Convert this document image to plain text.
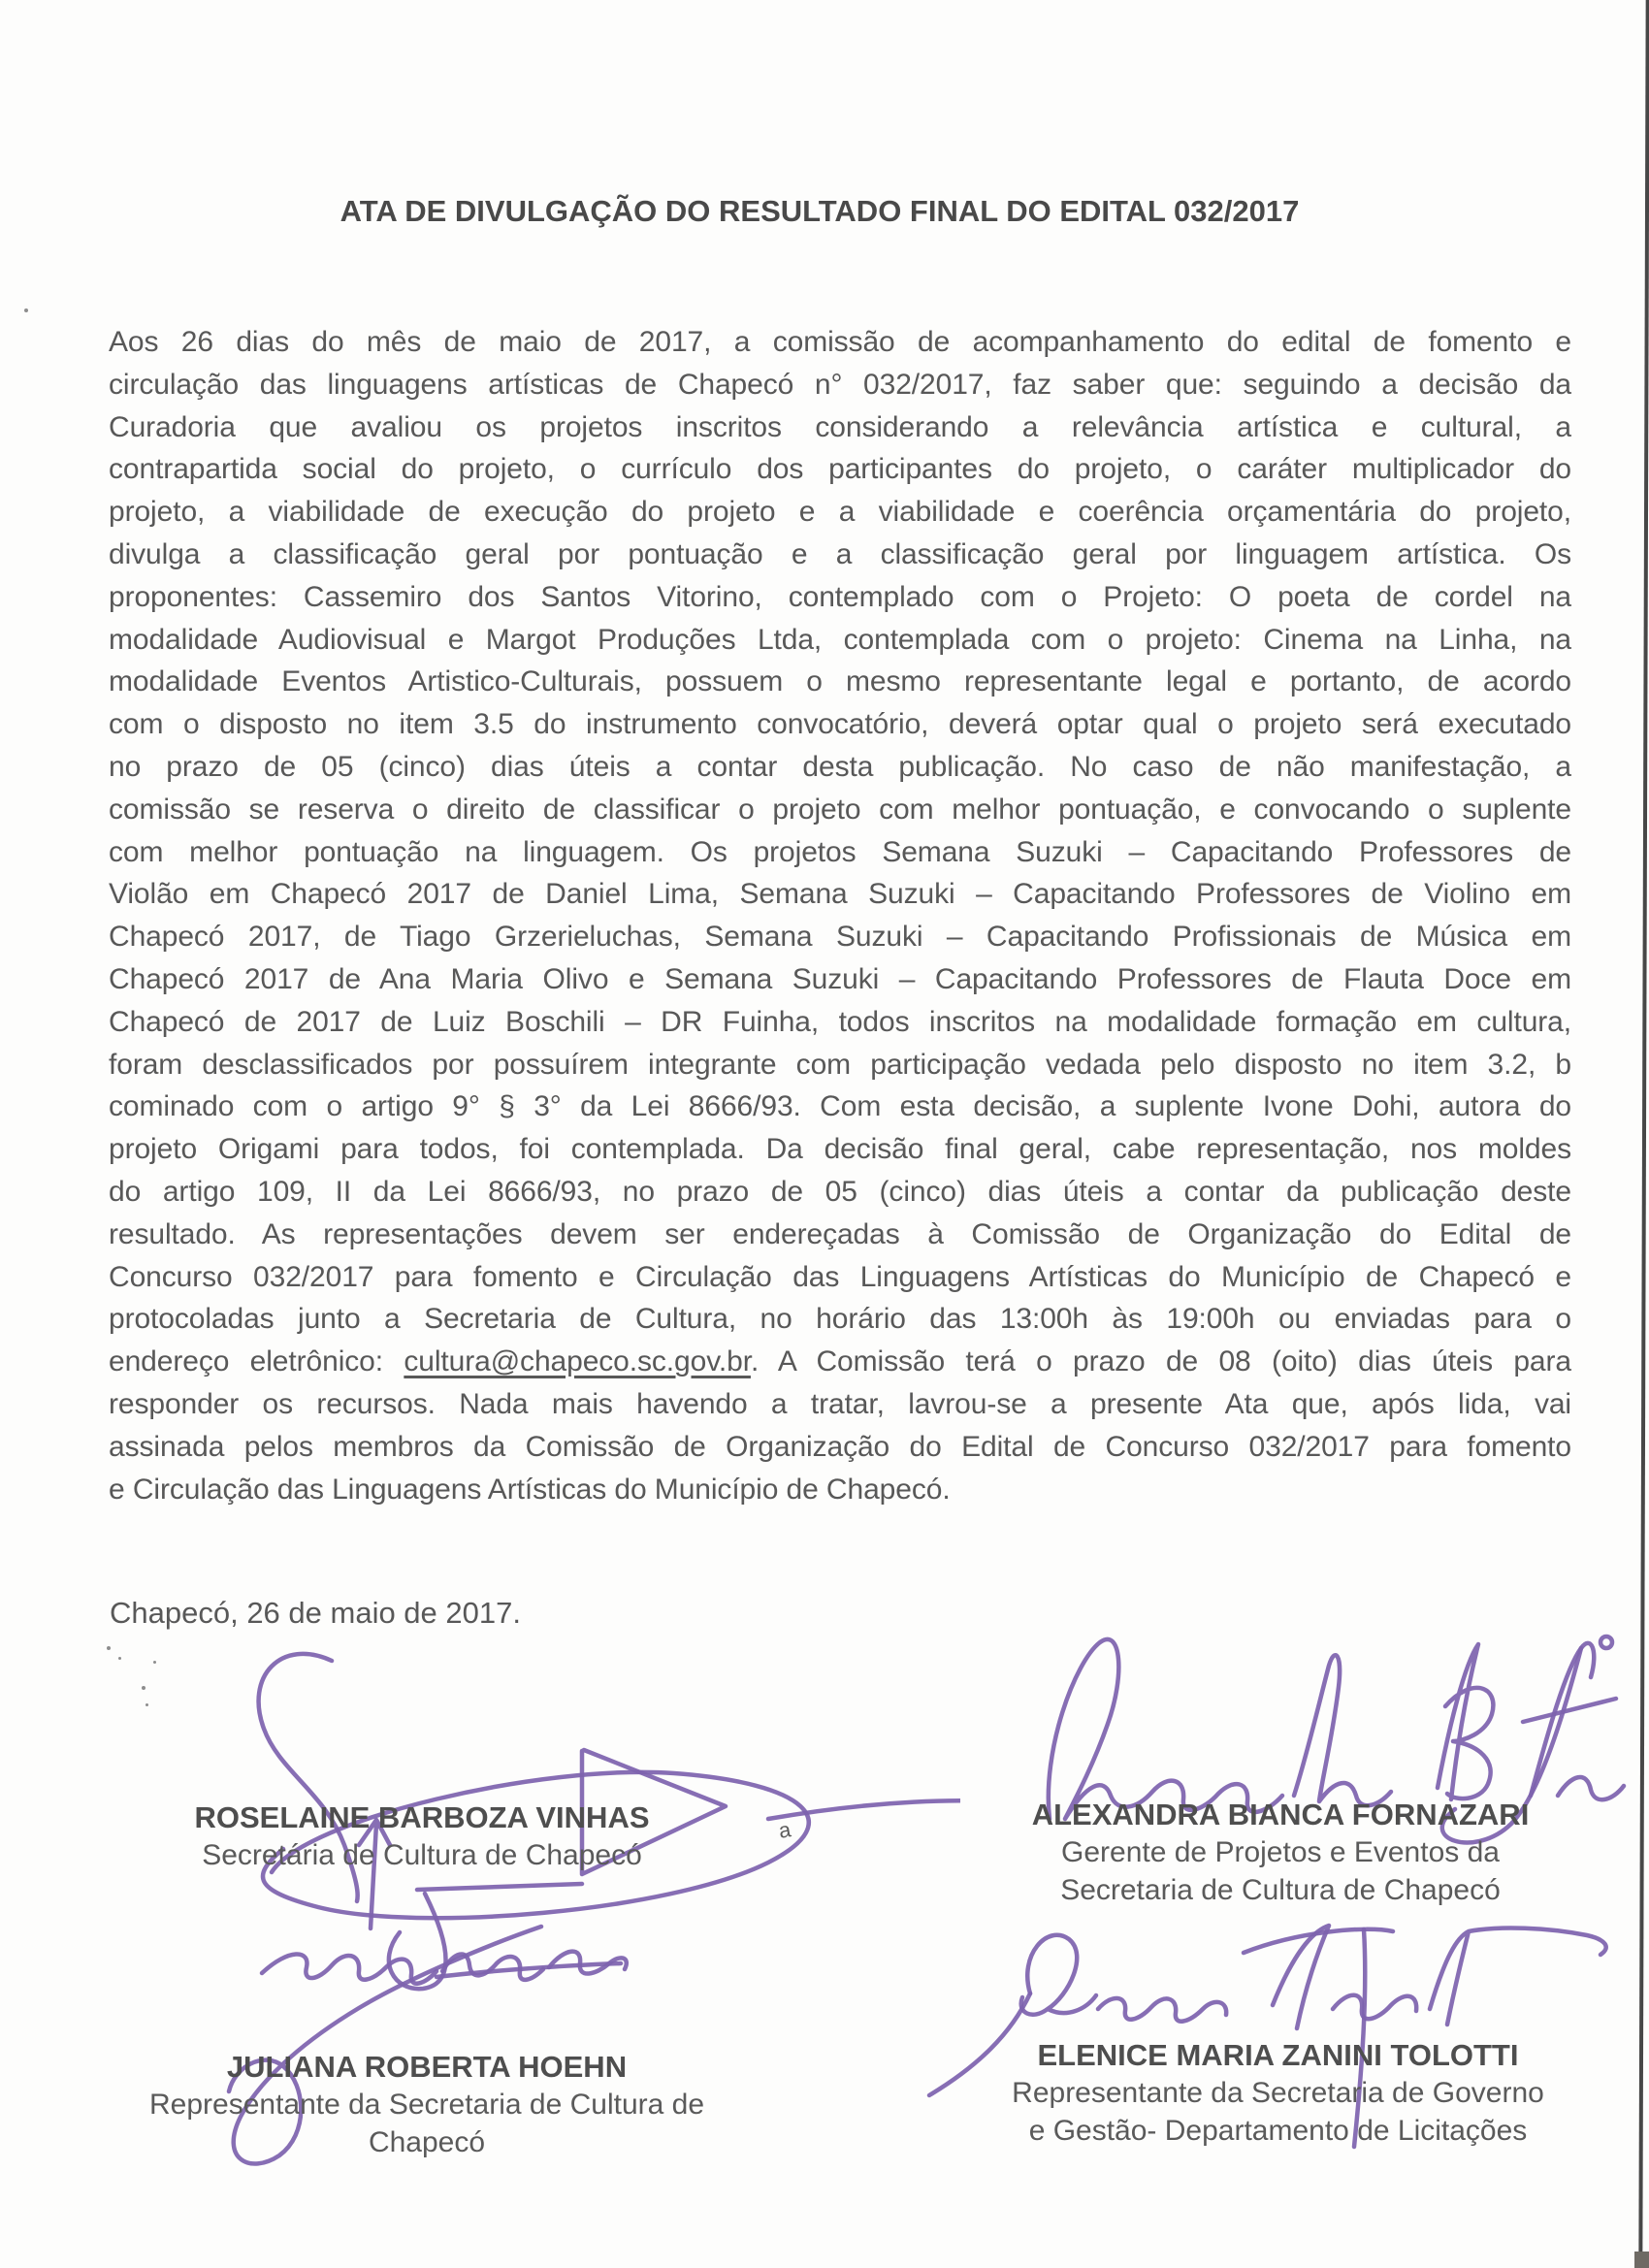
ATA DE DIVULGAÇÃO DO RESULTADO FINAL DO EDITAL 032/2017
Aos 26 dias do mês de maio de 2017, a comissão de acompanhamento do edital de fomento e
circulação das linguagens artísticas de Chapecó n° 032/2017, faz saber que: seguindo a decisão da
Curadoria que avaliou os projetos inscritos considerando a relevância artística e cultural, a
contrapartida social do projeto, o currículo dos participantes do projeto, o caráter multiplicador do
projeto, a viabilidade de execução do projeto e a viabilidade e coerência orçamentária do projeto,
divulga a classificação geral por pontuação e a classificação geral por linguagem artística. Os
proponentes: Cassemiro dos Santos Vitorino, contemplado com o Projeto: O poeta de cordel na
modalidade Audiovisual e Margot Produções Ltda, contemplada com o projeto: Cinema na Linha, na
modalidade Eventos Artistico-Culturais, possuem o mesmo representante legal e portanto, de acordo
com o disposto no item 3.5 do instrumento convocatório, deverá optar qual o projeto será executado
no prazo de 05 (cinco) dias úteis a contar desta publicação. No caso de não manifestação, a
comissão se reserva o direito de classificar o projeto com melhor pontuação, e convocando o suplente
com melhor pontuação na linguagem. Os projetos Semana Suzuki – Capacitando Professores de
Violão em Chapecó 2017 de Daniel Lima, Semana Suzuki – Capacitando Professores de Violino em
Chapecó 2017, de Tiago Grzerieluchas, Semana Suzuki – Capacitando Profissionais de Música em
Chapecó 2017 de Ana Maria Olivo e Semana Suzuki – Capacitando Professores de Flauta Doce em
Chapecó de 2017 de Luiz Boschili – DR Fuinha, todos inscritos na modalidade formação em cultura,
foram desclassificados por possuírem integrante com participação vedada pelo disposto no item 3.2, b
cominado com o artigo 9° § 3° da Lei 8666/93. Com esta decisão, a suplente Ivone Dohi, autora do
projeto Origami para todos, foi contemplada. Da decisão final geral, cabe representação, nos moldes
do artigo 109, II da Lei 8666/93, no prazo de 05 (cinco) dias úteis a contar da publicação deste
resultado. As representações devem ser endereçadas à Comissão de Organização do Edital de
Concurso 032/2017 para fomento e Circulação das Linguagens Artísticas do Município de Chapecó e
protocoladas junto a Secretaria de Cultura, no horário das 13:00h às 19:00h ou enviadas para o
endereço eletrônico: cultura@chapeco.sc.gov.br. A Comissão terá o prazo de 08 (oito) dias úteis para
responder os recursos. Nada mais havendo a tratar, lavrou-se a presente Ata que, após lida, vai
assinada pelos membros da Comissão de Organização do Edital de Concurso 032/2017 para fomento
e Circulação das Linguagens Artísticas do Município de Chapecó.
Chapecó, 26 de maio de 2017.
ROSELAINE BARBOZA VINHAS
Secretária de Cultura de Chapecó
ALEXANDRA BIANCA FORNAZARI
Gerente de Projetos e Eventos da
Secretaria de Cultura de Chapecó
JULIANA ROBERTA HOEHN
Representante da Secretaria de Cultura de
Chapecó
ELENICE MARIA ZANINI TOLOTTI
Representante da Secretaria de Governo
e Gestão- Departamento de Licitações
a
